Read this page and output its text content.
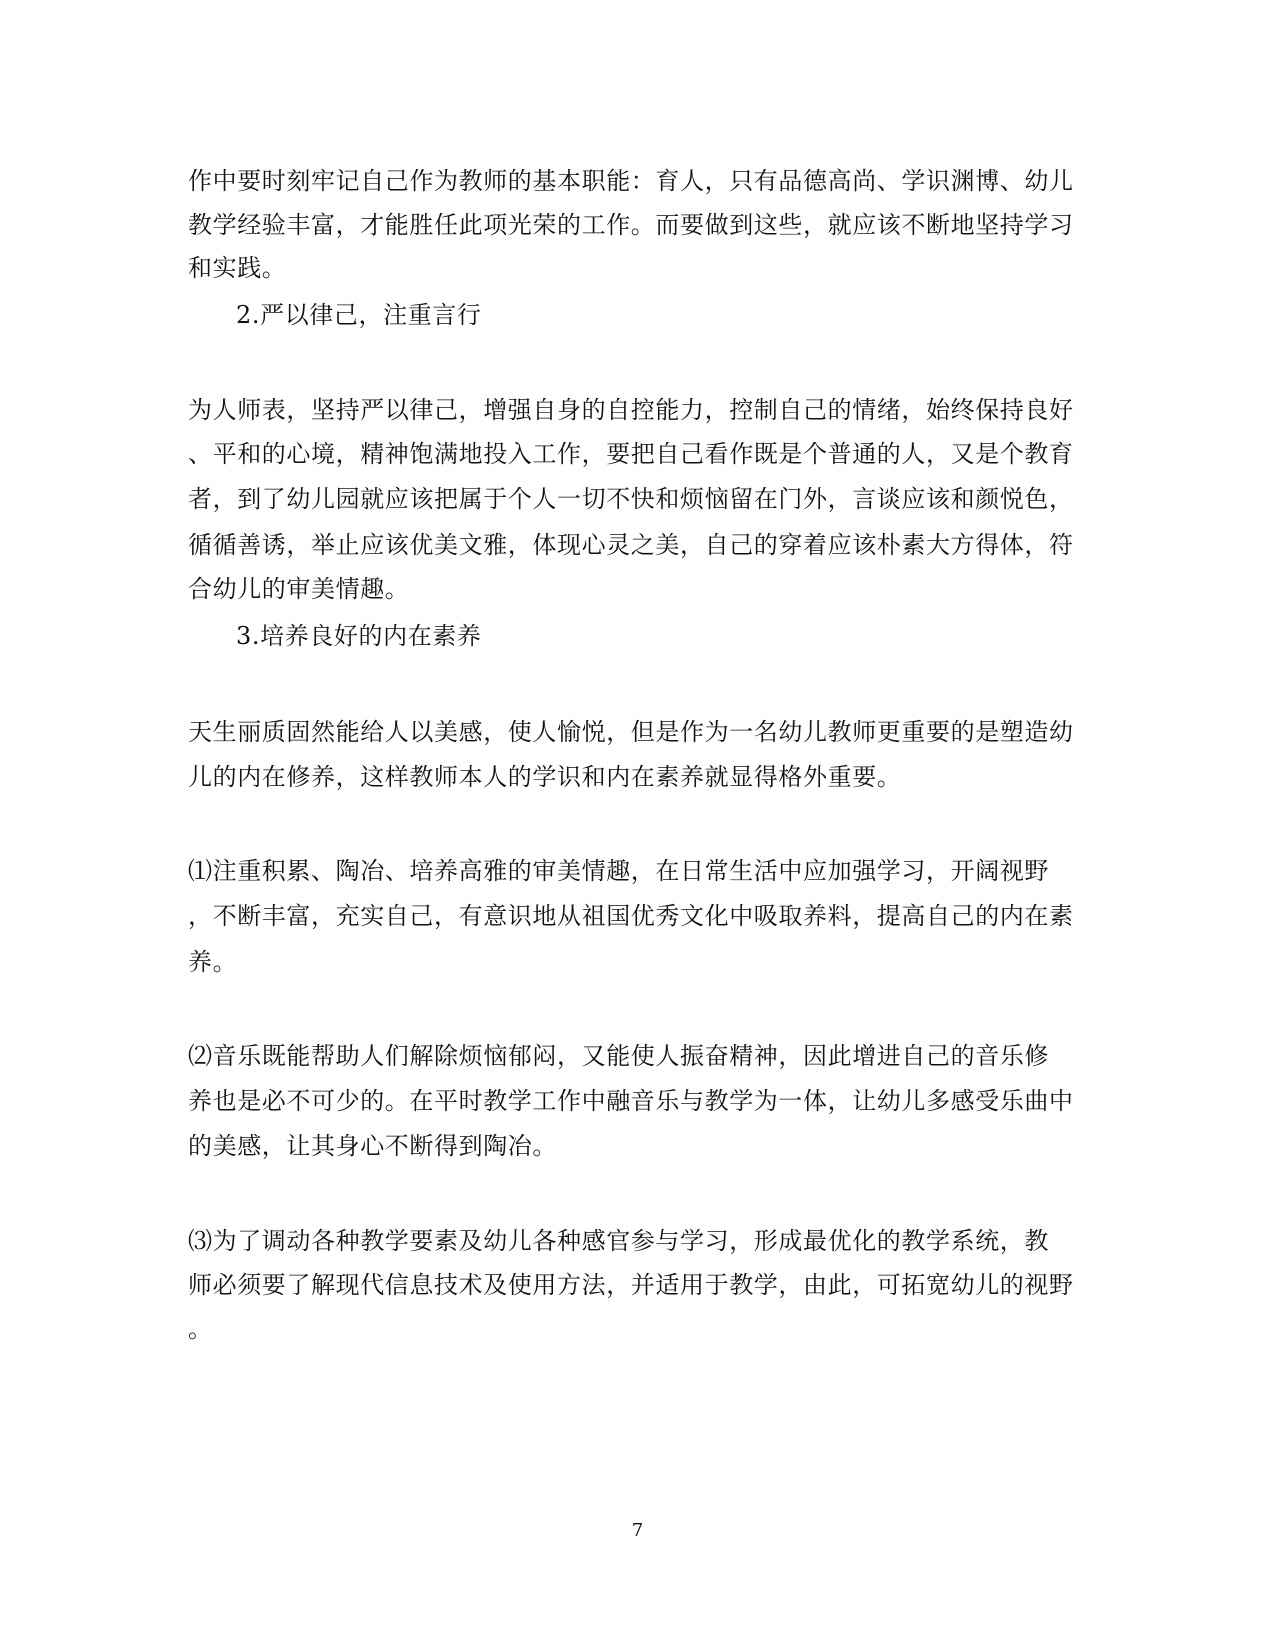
作中要时刻牢记自己作为教师的基本职能：育人，只有品德高尚、学识渊博、幼儿
教学经验丰富，才能胜任此项光荣的工作。而要做到这些，就应该不断地坚持学习
和实践。
2.严以律己，注重言行
为人师表，坚持严以律己，增强自身的自控能力，控制自己的情绪，始终保持良好
、平和的心境，精神饱满地投入工作，要把自己看作既是个普通的人，又是个教育
者，到了幼儿园就应该把属于个人一切不快和烦恼留在门外，言谈应该和颜悦色，
循循善诱，举止应该优美文雅，体现心灵之美，自己的穿着应该朴素大方得体，符
合幼儿的审美情趣。
3.培养良好的内在素养
天生丽质固然能给人以美感，使人愉悦，但是作为一名幼儿教师更重要的是塑造幼
儿的内在修养，这样教师本人的学识和内在素养就显得格外重要。
⑴注重积累、陶冶、培养高雅的审美情趣，在日常生活中应加强学习，开阔视野
，不断丰富，充实自己，有意识地从祖国优秀文化中吸取养料，提高自己的内在素
养。
⑵音乐既能帮助人们解除烦恼郁闷，又能使人振奋精神，因此增进自己的音乐修
养也是必不可少的。在平时教学工作中融音乐与教学为一体，让幼儿多感受乐曲中
的美感，让其身心不断得到陶冶。
⑶为了调动各种教学要素及幼儿各种感官参与学习，形成最优化的教学系统，教
师必须要了解现代信息技术及使用方法，并适用于教学，由此，可拓宽幼儿的视野
。
7
